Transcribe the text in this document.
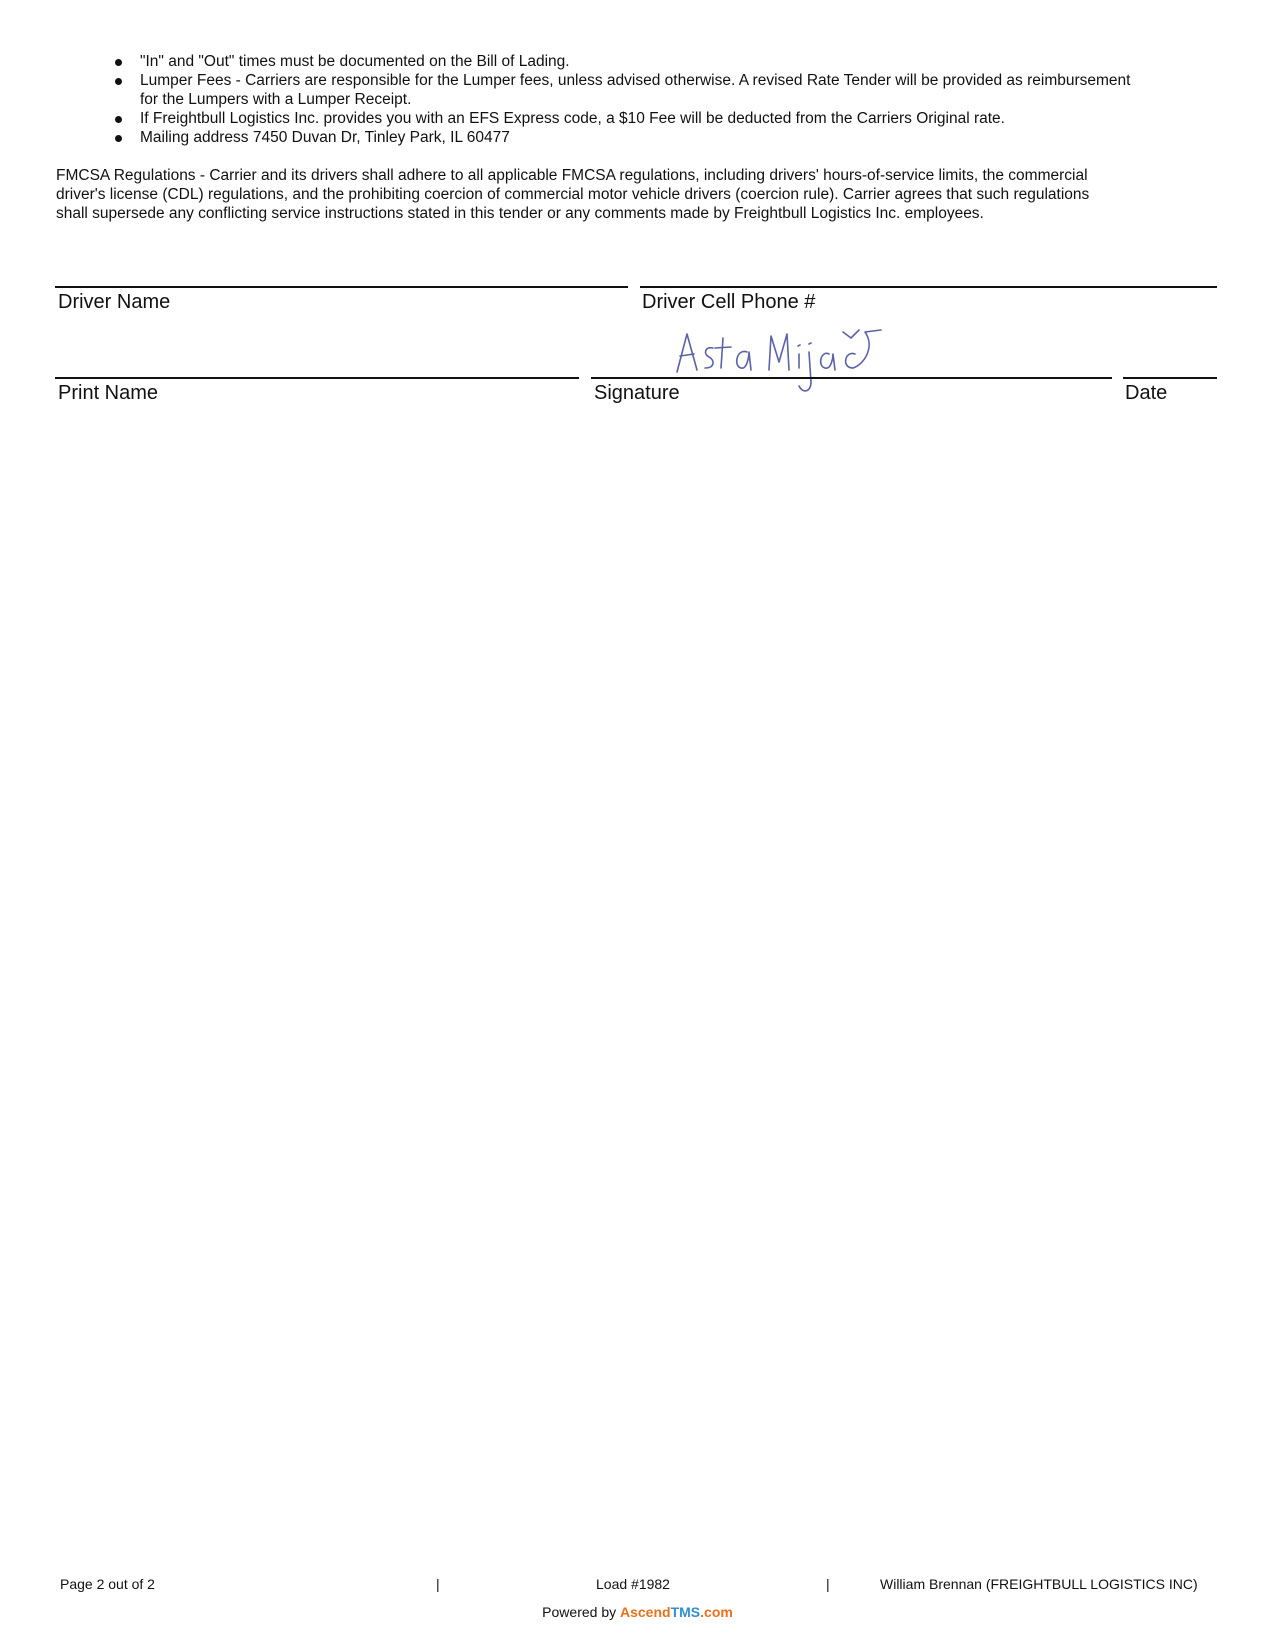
"In" and "Out" times must be documented on the Bill of Lading.
Lumper Fees - Carriers are responsible for the Lumper fees, unless advised otherwise. A revised Rate Tender will be provided as reimbursement
for the Lumpers with a Lumper Receipt.
If Freightbull Logistics Inc. provides you with an EFS Express code, a $10 Fee will be deducted from the Carriers Original rate.
Mailing address 7450 Duvan Dr, Tinley Park, IL 60477

FMCSA Regulations - Carrier and its drivers shall adhere to all applicable FMCSA regulations, including drivers' hours-of-service limits, the commercial
driver's license (CDL) regulations, and the prohibiting coercion of commercial motor vehicle drivers (coercion rule). Carrier agrees that such regulations
shall supersede any conflicting service instructions stated in this tender or any comments made by Freightbull Logistics Inc. employees.

Driver Name	Driver Cell Phone #
Print Name	Signature	Date
Page 2 out of 2	|	Load #1982	|	William Brennan (FREIGHTBULL LOGISTICS INC)
Powered by AscendTMS.com
